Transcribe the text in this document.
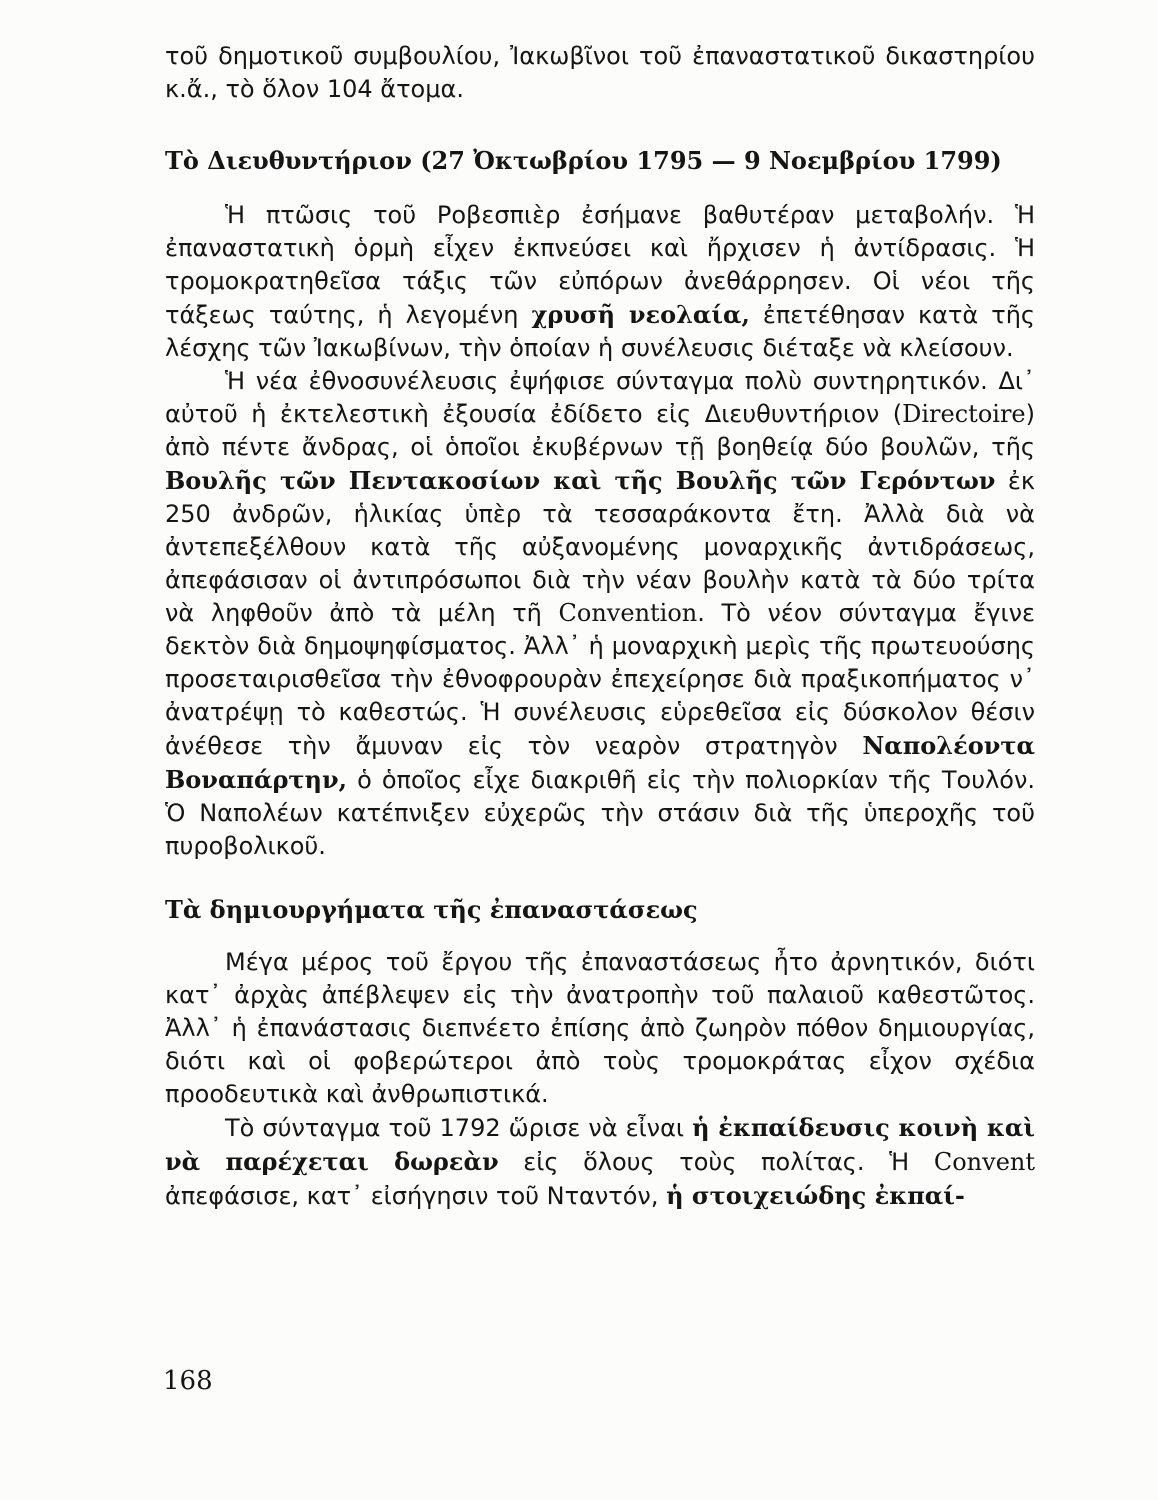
τοῦ δημοτικοῦ συμβουλίου, Ἰακωβῖνοι τοῦ ἐπαναστατικοῦ δικαστηρίου κ.ἄ., τὸ ὅλον 104 ἄτομα.

Τὸ Διευθυντήριον (27 Ὀκτωβρίου 1795 — 9 Νοεμβρίου 1799)

Ἡ πτῶσις τοῦ Ροβεσπιὲρ ἐσήμανε βαθυτέραν μεταβολήν. Ἡ ἐπαναστατικὴ ὁρμὴ εἶχεν ἐκπνεύσει καὶ ἤρχισεν ἡ ἀντίδρασις. Ἡ τρομοκρατηθεῖσα τάξις τῶν εὐπόρων ἀνεθάρρησεν. Οἱ νέοι τῆς τάξεως ταύτης, ἡ λεγομένη χρυσῆ νεολαία, ἐπετέθησαν κατὰ τῆς λέσχης τῶν Ἰακωβίνων, τὴν ὁποίαν ἡ συνέλευσις διέταξε νὰ κλείσουν.

Ἡ νέα ἐθνοσυνέλευσις ἐψήφισε σύνταγμα πολὺ συντηρητικόν. Δι᾿ αὐτοῦ ἡ ἐκτελεστικὴ ἐξουσία ἐδίδετο εἰς Διευθυντήριον (Directoire) ἀπὸ πέντε ἄνδρας, οἱ ὁποῖοι ἐκυβέρνων τῇ βοηθείᾳ δύο βουλῶν, τῆς Βουλῆς τῶν Πεντακοσίων καὶ τῆς Βουλῆς τῶν Γερόντων ἐκ 250 ἀνδρῶν, ἡλικίας ὑπὲρ τὰ τεσσαράκοντα ἔτη. Ἀλλὰ διὰ νὰ ἀντεπεξέλθουν κατὰ τῆς αὐξανομένης μοναρχικῆς ἀντιδράσεως, ἀπεφάσισαν οἱ ἀντιπρόσωποι διὰ τὴν νέαν βουλὴν κατὰ τὰ δύο τρίτα νὰ ληφθοῦν ἀπὸ τὰ μέλη τῆ Convention. Τὸ νέον σύνταγμα ἔγινε δεκτὸν διὰ δημοψηφίσματος. Ἀλλ᾿ ἡ μοναρχικὴ μερὶς τῆς πρωτευούσης προσεταιρισθεῖσα τὴν ἐθνοφρουρὰν ἐπεχείρησε διὰ πραξικοπήματος ν᾿ ἀνατρέψῃ τὸ καθεστώς. Ἡ συνέλευσις εὑρεθεῖσα εἰς δύσκολον θέσιν ἀνέθεσε τὴν ἄμυναν εἰς τὸν νεαρὸν στρατηγὸν Ναπολέοντα Βοναπάρτην, ὁ ὁποῖος εἶχε διακριθῆ εἰς τὴν πολιορκίαν τῆς Τουλόν. Ὁ Ναπολέων κατέπνιξεν εὐχερῶς τὴν στάσιν διὰ τῆς ὑπεροχῆς τοῦ πυροβολικοῦ.

Τὰ δημιουργήματα τῆς ἐπαναστάσεως

Μέγα μέρος τοῦ ἔργου τῆς ἐπαναστάσεως ἦτο ἀρνητικόν, διότι κατ᾿ ἀρχὰς ἀπέβλεψεν εἰς τὴν ἀνατροπὴν τοῦ παλαιοῦ καθεστῶτος. Ἀλλ᾿ ἡ ἐπανάστασις διεπνέετο ἐπίσης ἀπὸ ζωηρὸν πόθον δημιουργίας, διότι καὶ οἱ φοβερώτεροι ἀπὸ τοὺς τρομοκράτας εἶχον σχέδια προοδευτικὰ καὶ ἀνθρωπιστικά.

Τὸ σύνταγμα τοῦ 1792 ὥρισε νὰ εἶναι ἡ ἐκπαίδευσις κοινὴ καὶ νὰ παρέχεται δωρεὰν εἰς ὅλους τοὺς πολίτας. Ἡ Convent ἀπεφάσισε, κατ᾿ εἰσήγησιν τοῦ Νταντόν, ἡ στοιχειώδης ἐκπαί-

168
